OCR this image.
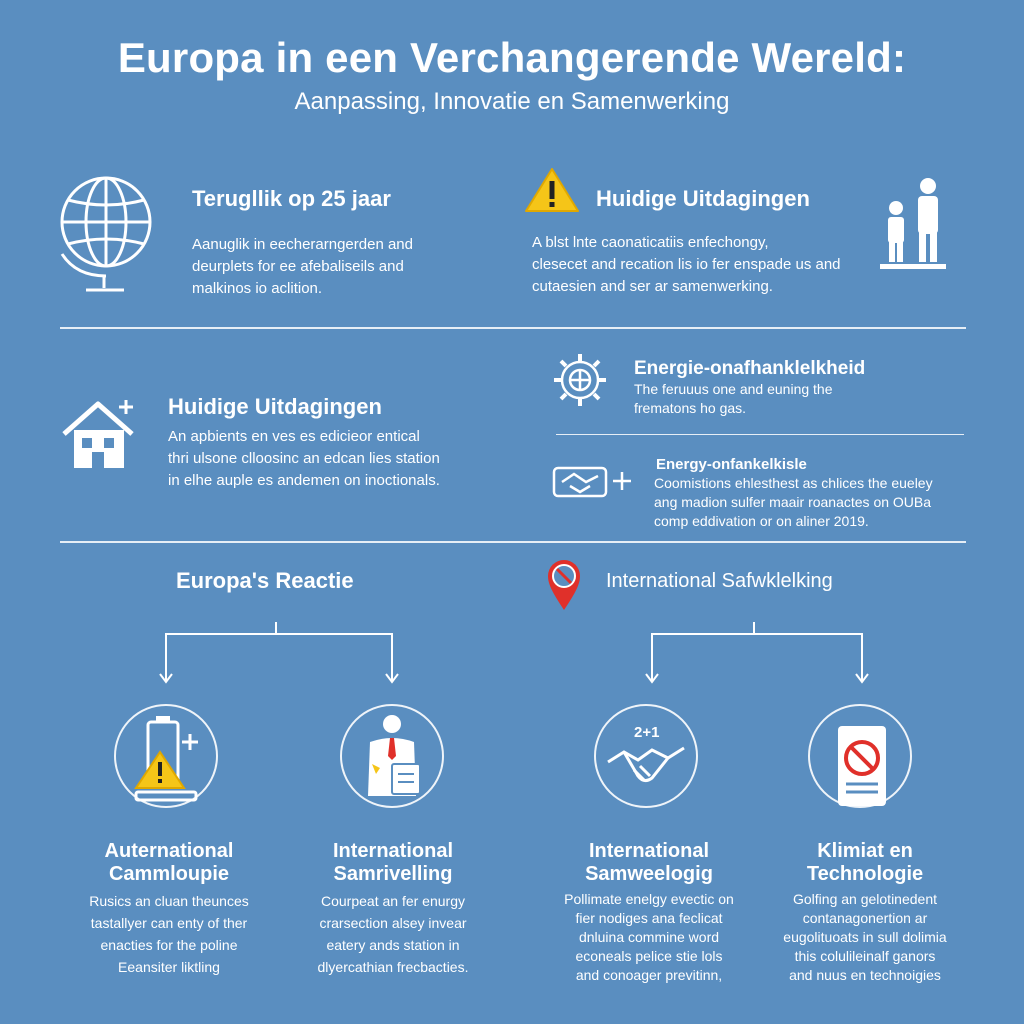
Europa in een Verchangerende Wereld:
Aanpassing, Innovatie en Samenwerking
Terugllik op 25 jaar
Aanuglik in eecherarngerden and
deurplets for ee afebaliseils and
malkinos io aclition.
Huidige Uitdagingen
A blst lnte caonaticatiis enfechongy,
clesecet and recation lis io fer enspade us and
cutaesien and ser ar samenwerking.
Huidige Uitdagingen
An apbients en ves es edicieor entical
thri ulsone clloosinc an edcan lies station
in elhe auple es andemen on inoctionals.
Energie-onafhanklelkheid
The feruuus one and euning the
frematons ho gas.
Energy-onfankelkisle
Coomistions ehlesthest as chlices the eueley
ang madion sulfer maair roanactes on OUBa
comp eddivation or on aliner 2019.
Europa's Reactie	International Safwklelking
2+1
Auternational
Cammloupie
Rusics an cluan theunces
tastallyer can enty of ther
enacties for the poline
Eeansiter liktling
International
Samrivelling
Courpeat an fer enurgy
crarsection alsey invear
eatery ands station in
dlyercathian frecbacties.
International
Samweelogig
Pollimate enelgy evectic on
fier nodiges ana feclicat
dnluina commine word
econeals pelice stie lols
and conoager previtinn,
Klimiat en
Technologie
Golfing an gelotinedent
contanagonertion ar
eugolituoats in sull dolimia
this colulileinalf ganors
and nuus en technoigies
